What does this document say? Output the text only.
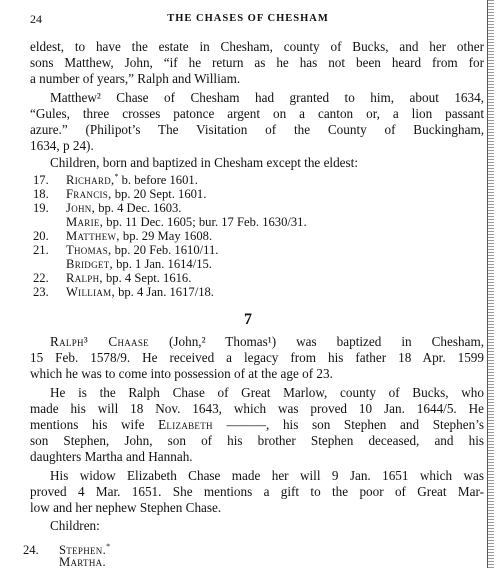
24	THE CHASES OF CHESHAM
eldest, to have the estate in Chesham, county of Bucks, and her other
sons Matthew, John, “if he return as he has not been heard from for
a number of years,” Ralph and William.
Matthew² Chase of Chesham had granted to him, about 1634,
“Gules, three crosses patonce argent on a canton or, a lion passant
azure.” (Philipot’s The Visitation of the County of Buckingham,
1634, p 24).
Children, born and baptized in Chesham except the eldest:
17.	Richard,* b. before 1601.
18.	Francis, bp. 20 Sept. 1601.
19.	John, bp. 4 Dec. 1603.
Marie, bp. 11 Dec. 1605; bur. 17 Feb. 1630/31.
20.	Matthew, bp. 29 May 1608.
21.	Thomas, bp. 20 Feb. 1610/11.
Bridget, bp. 1 Jan. 1614/15.
22.	Ralph, bp. 4 Sept. 1616.
23.	William, bp. 4 Jan. 1617/18.
7
Ralph³ Chaase (John,² Thomas¹) was baptized in Chesham,
15 Feb. 1578/9. He received a legacy from his father 18 Apr. 1599
which he was to come into possession of at the age of 23.
He is the Ralph Chase of Great Marlow, county of Bucks, who
made his will 18 Nov. 1643, which was proved 10 Jan. 1644/5. He
mentions his wife Elizabeth ———, his son Stephen and Stephen’s
son Stephen, John, son of his brother Stephen deceased, and his
daughters Martha and Hannah.
His widow Elizabeth Chase made her will 9 Jan. 1651 which was
proved 4 Mar. 1651. She mentions a gift to the poor of Great Mar-
low and her nephew Stephen Chase.
Children:
24.	Stephen.*
Martha.
